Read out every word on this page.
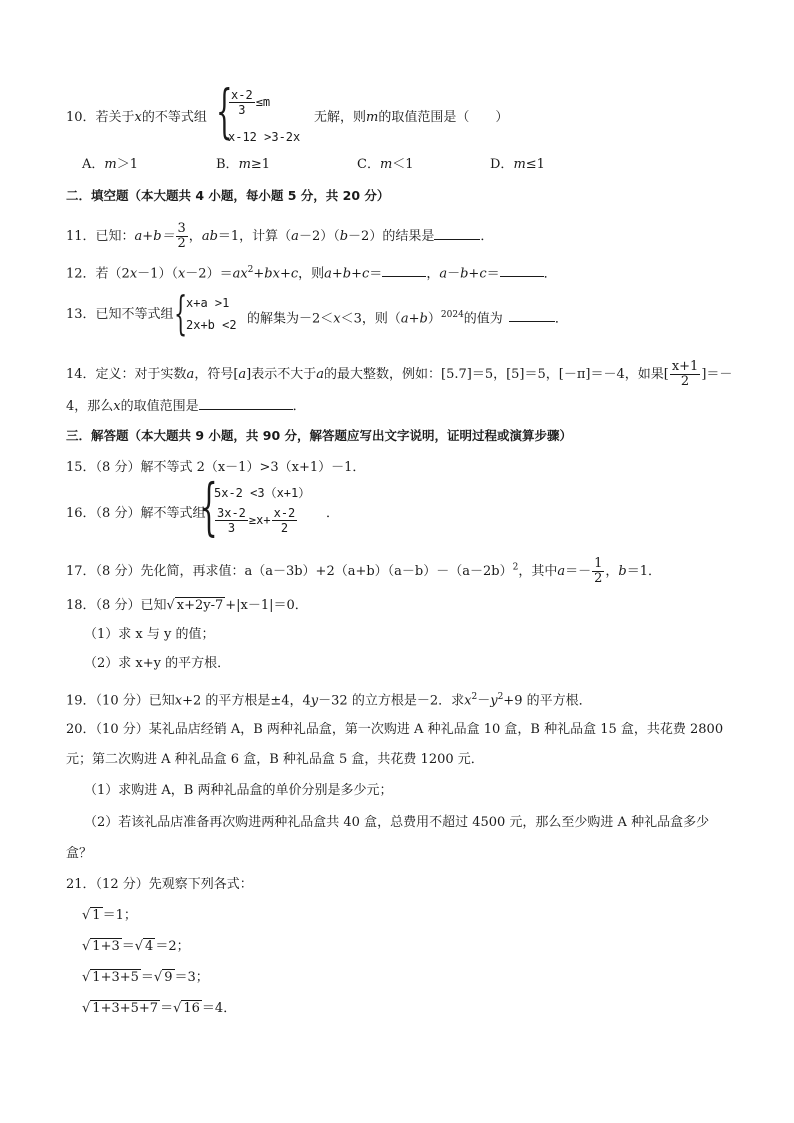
10．若关于x的不等式组 {
$\frac{x-2}{3} \le m$
x-12 >3-2x
无解，则m的取值范围是（　　）
A．m＞1	B．m≥1	C．m＜1	D．m≤1
二．填空题（本大题共 4 小题，每小题 5 分，共 20 分）
11．已知：$a+b= \frac{3}{2}$ ，ab＝1，计算（a－2）（b－2）的结果是	．
12．若$(2x-1)(x-2)=ax^2+bx+c$，则a+b+c＝	，a－b+c＝	．
13．已知不等式组 {
x+a >1
2x+b <2 的解集为－2＜x＜3，则$(a+b)^{2024}$的值为	．
14．定义：对于实数a，符号[a]表示不大于a的最大整数，例如：[5.7]＝5，[5]＝5，[－π]＝－4，如果[ $\frac{x+1}{2}$ ]＝－
4，那么x的取值范围是	．
三．解答题（本大题共 9 小题，共 90 分，解答题应写出文字说明，证明过程或演算步骤）
15．（8 分）解不等式 2（x－1）>3（x+1）－1．
16．（8 分）解不等式组
{
5x-2 <3（x+1）
$\frac{3x-2}{3} \ge x+ \frac{x-2}{2}$ ．
17．（8 分）先化简，再求值：$a(a-3b)+2(a+b)(a-b)-(a-2b)^2$，其中$a=- \frac{1}{2}$ ，b＝1．
18．（8 分）已知√ x+2y-7 +|x－1|＝0．
（1）求 x 与 y 的值；
（2）求 x+y 的平方根．
19．（10 分）已知x+2 的平方根是±4，4y－32 的立方根是－2．求$x^2-y^2+9$ 的平方根．
20．（10 分）某礼品店经销 A，B 两种礼品盒，第一次购进 A 种礼品盒 10 盒，B 种礼品盒 15 盒，共花费 2800
元；第二次购进 A 种礼品盒 6 盒，B 种礼品盒 5 盒，共花费 1200 元．
（1）求购进 A，B 两种礼品盒的单价分别是多少元；
（2）若该礼品店准备再次购进两种礼品盒共 40 盒，总费用不超过 4500 元，那么至少购进 A 种礼品盒多少
盒？
21．（12 分）先观察下列各式：
√ 1 ＝1；
√ 1+3 ＝√ 4 ＝2；
√ 1+3+5 ＝√ 9 ＝3；
√ 1+3+5+7 ＝√ 16 ＝4．
